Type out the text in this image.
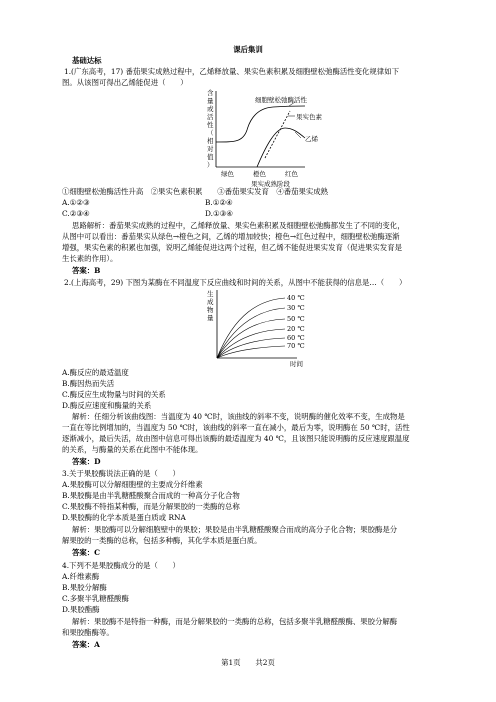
课后集训
基础达标
1.(广东高考，17) 番茄果实成熟过程中，乙烯释放量、果实色素积累及细胞壁松弛酶活性变化规律如下
图。从该图可得出乙烯能促进（　　）
含
量
或
活
性
（
相
对
值
）
细胞壁松弛酶活性
果实色素
乙烯
绿色	橙色	红色
果实成熟阶段
①细胞壁松弛酶活性升高　②果实色素积累　　③番茄果实发育　④番茄果实成熟
A.①②③	B.①②④
C.②③④	D.①③④
思路解析：番茄果实成熟的过程中，乙烯释放量、果实色素积累及细胞壁松弛酶都发生了不同的变化，
从图中可以看出：番茄果实从绿色→橙色之间，乙烯的增加较快；橙色→红色过程中，细胞壁松弛酶逐渐
增强，果实色素的积累也加强，说明乙烯能促进这两个过程，但乙烯不能促进果实发育（促进果实发育是
生长素的作用）。
答案：B
2.(上海高考，29) 下图为某酶在不同温度下反应曲线和时间的关系，从图中不能获得的信息是…（　　）
生
成
物
量
40 ℃
30 ℃
50 ℃
20 ℃
60 ℃
70 ℃
时间
A.酶反应的最适温度
B.酶因热而失活
C.酶反应生成物量与时间的关系
D.酶反应速度和酶量的关系
解析：任细分析该曲线图：当温度为 40 ℃时，该曲线的斜率不变，说明酶的催化效率不变，生成物是
一直在等比例增加的，当温度为 50 ℃时，该曲线的斜率一直在减小，最后为零，说明酶在 50 ℃时，活性
逐渐减小，最后失活，故由图中信息可得出该酶的最适温度为 40 ℃，且该图只能说明酶的反应速度跟温度
的关系，与酶量的关系在此图中不能体现。
答案：D
3.关于果胶酶说法正确的是（　　）
A.果胶酶可以分解细胞壁的主要成分纤维素
B.果胶酶是由半乳糖醛酸聚合而成的一种高分子化合物
C.果胶酶不特指某种酶，而是分解果胶的一类酶的总称
D.果胶酶的化学本质是蛋白质或 RNA
解析：果胶酶可以分解细胞壁中的果胶；果胶是由半乳糖醛酸聚合而成的高分子化合物；果胶酶是分
解果胶的一类酶的总称，包括多种酶，其化学本质是蛋白质。
答案：C
4.下列不是果胶酶成分的是（　　）
A.纤维素酶
B.果胶分解酶
C.多聚半乳糖醛酸酶
D.果胶酯酶
解析：果胶酶不是特指一种酶，而是分解果胶的一类酶的总称，包括多聚半乳糖醛酸酶、果胶分解酶
和果胶酯酶等。
答案：A
第1页　　共2页
